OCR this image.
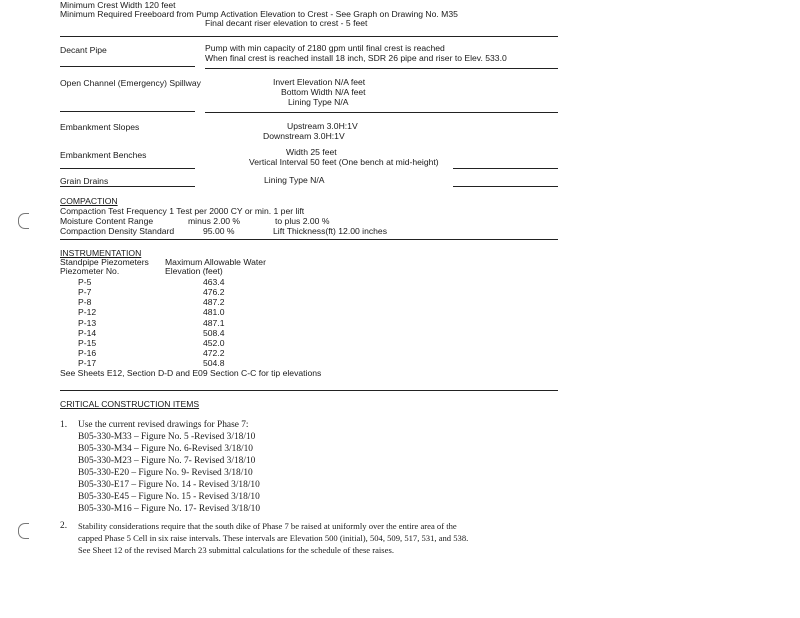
Minimum Crest Width 120 feet
Minimum Required Freeboard from Pump Activation Elevation to Crest - See Graph on Drawing No. M35
Final decant riser elevation to crest - 5 feet
Decant Pipe	Pump with min capacity of 2180 gpm until final crest is reached
When final crest is reached install 18 inch, SDR 26 pipe and riser to Elev. 533.0
Open Channel (Emergency) Spillway	Invert Elevation N/A feet
Bottom Width N/A feet
Lining Type N/A
Embankment Slopes	Upstream 3.0H:1V
Downstream 3.0H:1V
Embankment Benches	Width 25 feet
Vertical Interval 50 feet (One bench at mid-height)
Grain Drains	Lining Type N/A
COMPACTION
Compaction Test Frequency 1 Test per 2000 CY or min. 1 per lift
Moisture Content Range	minus 2.00 %	to plus 2.00 %
Compaction Density Standard	95.00 %	Lift Thickness(ft) 12.00 inches
INSTRUMENTATION
Standpipe Piezometers
Piezometer No.
Maximum Allowable Water
Elevation (feet)
P-5	463.4
P-7	476.2
P-8	487.2
P-12	481.0
P-13	487.1
P-14	508.4
P-15	452.0
P-16	472.2
P-17	504.8
See Sheets E12, Section D-D and E09 Section C-C for tip elevations
CRITICAL CONSTRUCTION ITEMS
1. Use the current revised drawings for Phase 7:
B05-330-M33 – Figure No. 5 -Revised 3/18/10
B05-330-M34 – Figure No. 6-Revised 3/18/10
B05-330-M23 – Figure No. 7- Revised 3/18/10
B05-330-E20 – Figure No. 9- Revised 3/18/10
B05-330-E17 – Figure No. 14 - Revised 3/18/10
B05-330-E45 – Figure No. 15 - Revised 3/18/10
B05-330-M16 – Figure No. 17- Revised 3/18/10
2. Stability considerations require that the south dike of Phase 7 be raised at uniformly over the entire area of the
capped Phase 5 Cell in six raise intervals. These intervals are Elevation 500 (initial), 504, 509, 517, 531, and 538.
See Sheet 12 of the revised March 23 submittal calculations for the schedule of these raises.
